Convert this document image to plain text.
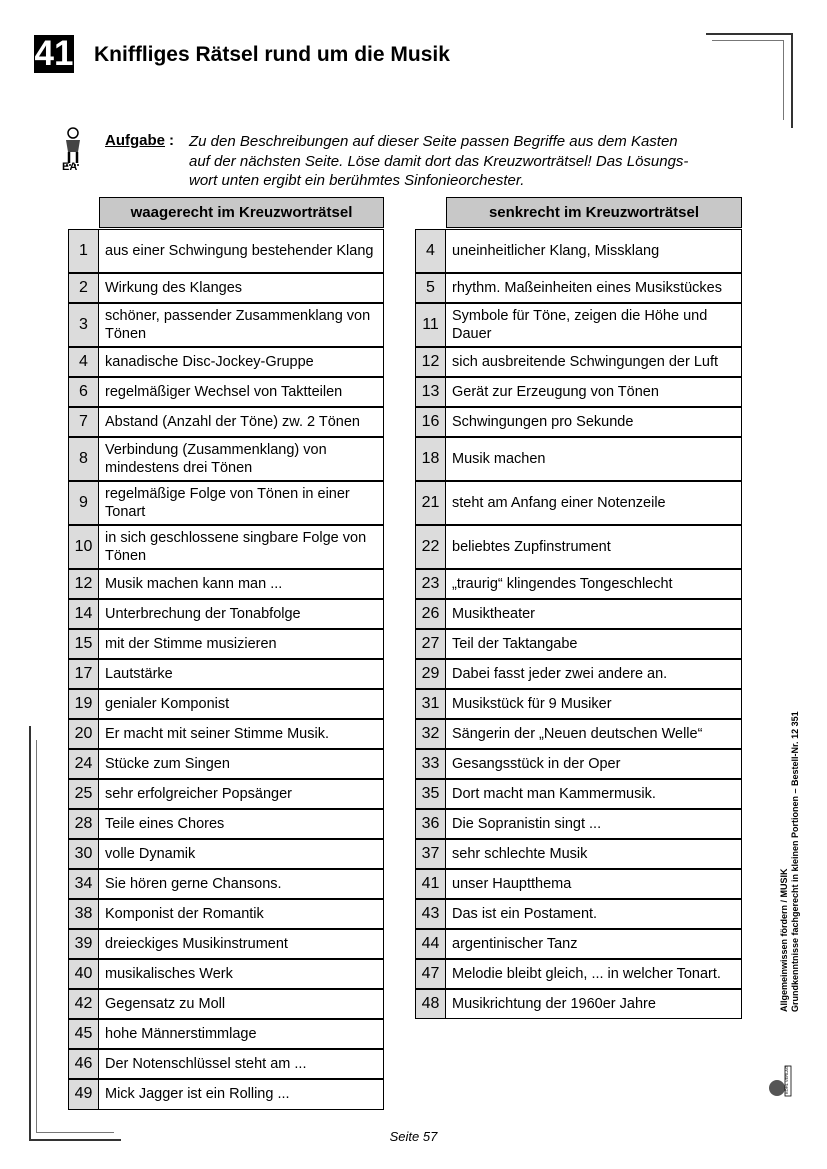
41 Kniffliges Rätsel rund um die Musik
EA
Aufgabe : Zu den Beschreibungen auf dieser Seite passen Begriffe aus dem Kasten
auf der nächsten Seite. Löse damit dort das Kreuzworträtsel! Das Lösungs-
wort unten ergibt ein berühmtes Sinfonieorchester.
waagerecht im Kreuzworträtsel
1	aus einer Schwingung bestehender Klang
2	Wirkung des Klanges
3	schöner, passender Zusammenklang von Tönen
4	kanadische Disc-Jockey-Gruppe
6	regelmäßiger Wechsel von Taktteilen
7	Abstand (Anzahl der Töne) zw. 2 Tönen
8	Verbindung (Zusammenklang) von mindestens drei Tönen
9	regelmäßige Folge von Tönen in einer Tonart
10 in sich geschlossene singbare Folge von Tönen
12 Musik machen kann man ...
14 Unterbrechung der Tonabfolge
15 mit der Stimme musizieren
17 Lautstärke
19 genialer Komponist
20 Er macht mit seiner Stimme Musik.
24 Stücke zum Singen
25 sehr erfolgreicher Popsänger
28 Teile eines Chores
30 volle Dynamik
34 Sie hören gerne Chansons.
38 Komponist der Romantik
39 dreieckiges Musikinstrument
40 musikalisches Werk
42 Gegensatz zu Moll
45 hohe Männerstimmlage
46 Der Notenschlüssel steht am ...
49 Mick Jagger ist ein Rolling ...
senkrecht im Kreuzworträtsel
4	uneinheitlicher Klang, Missklang
5	rhythm. Maßeinheiten eines Musikstückes
11 Symbole für Töne, zeigen die Höhe und Dauer
12 sich ausbreitende Schwingungen der Luft
13 Gerät zur Erzeugung von Tönen
16 Schwingungen pro Sekunde
18 Musik machen
21 steht am Anfang einer Notenzeile
22 beliebtes Zupfinstrument
23 „traurig“ klingendes Tongeschlecht
26 Musiktheater
27 Teil der Taktangabe
29 Dabei fasst jeder zwei andere an.
31 Musikstück für 9 Musiker
32 Sängerin der „Neuen deutschen Welle“
33 Gesangsstück in der Oper
35 Dort macht man Kammermusik.
36 Die Sopranistin singt ...
37 sehr schlechte Musik
41 unser Hauptthema
43 Das ist ein Postament.
44 argentinischer Tanz
47 Melodie bleibt gleich, ... in welcher Tonart.
48 Musikrichtung der 1960er Jahre
Seite 57
Allgemeinwissen fördern / MUSIK Grundkenntnisse fachgerecht in kleinen Portionen – Bestell-Nr. 12 351
KOHL VERLAG
